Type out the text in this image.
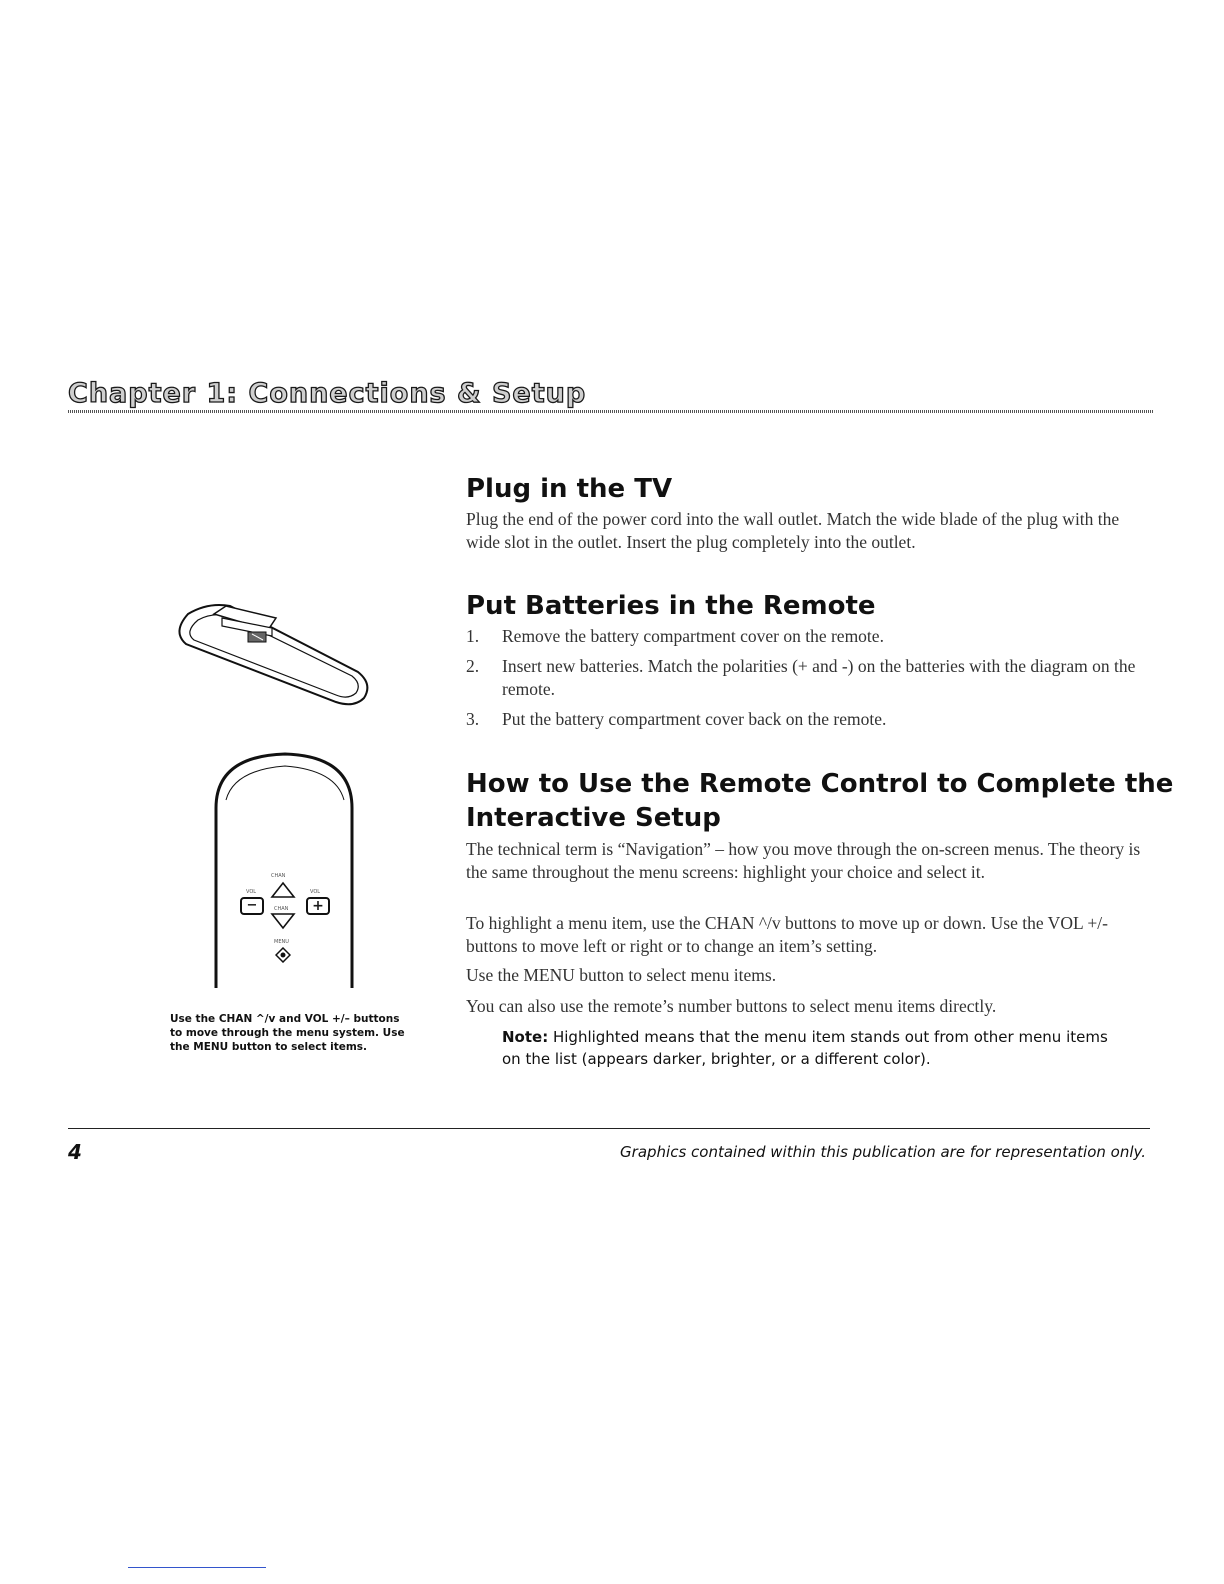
Chapter 1: Connections & Setup
CHAN
VOL	VOL
−	+
CHAN
MENU
Use the CHAN ^/v and VOL +/– buttons to move through the menu system. Use the MENU button to select items.
Plug in the TV

Plug the end of the power cord into the wall outlet. Match the wide blade of the plug with the wide slot in the outlet. Insert the plug completely into the outlet.

Put Batteries in the Remote
1. Remove the battery compartment cover on the remote.
2. Insert new batteries. Match the polarities (+ and -) on the batteries with the diagram on the remote.
3. Put the battery compartment cover back on the remote.
How to Use the Remote Control to Complete the
Interactive Setup

The technical term is “Navigation” – how you move through the on-screen menus. The theory is the same throughout the menu screens: highlight your choice and select it.

To highlight a menu item, use the CHAN ^/v buttons to move up or down. Use the VOL +/- buttons to move left or right or to change an item’s setting.

Use the MENU button to select menu items.

You can also use the remote’s number buttons to select menu items directly.

Note: Highlighted means that the menu item stands out from other menu items on the list (appears darker, brighter, or a different color).
4	Graphics contained within this publication are for representation only.
